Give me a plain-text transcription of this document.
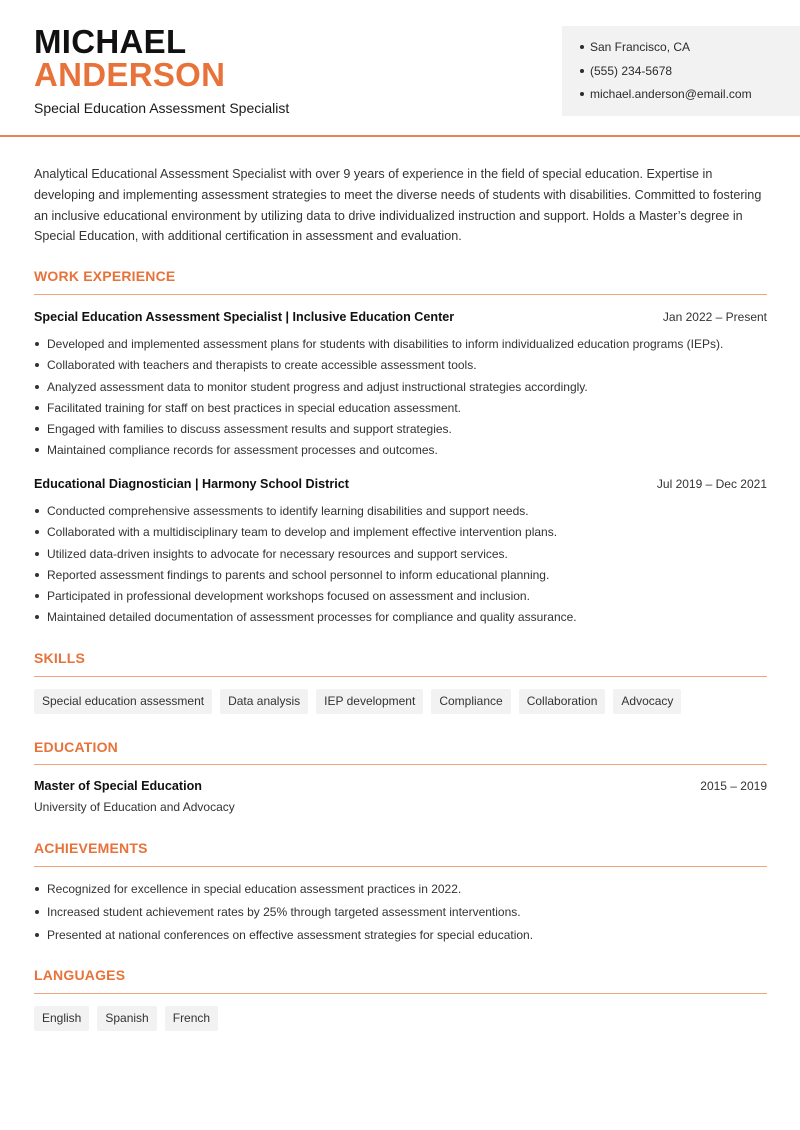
MICHAEL
ANDERSON
Special Education Assessment Specialist
San Francisco, CA
(555) 234-5678
michael.anderson@email.com

Analytical Educational Assessment Specialist with over 9 years of experience in the field of special education. Expertise in developing and implementing assessment strategies to meet the diverse needs of students with disabilities. Committed to fostering an inclusive educational environment by utilizing data to drive individualized instruction and support. Holds a Master’s degree in Special Education, with additional certification in assessment and evaluation.

WORK EXPERIENCE
Special Education Assessment Specialist | Inclusive Education Center	Jan 2022 – Present
Developed and implemented assessment plans for students with disabilities to inform individualized education programs (IEPs).
Collaborated with teachers and therapists to create accessible assessment tools.
Analyzed assessment data to monitor student progress and adjust instructional strategies accordingly.
Facilitated training for staff on best practices in special education assessment.
Engaged with families to discuss assessment results and support strategies.
Maintained compliance records for assessment processes and outcomes.
Educational Diagnostician | Harmony School District	Jul 2019 – Dec 2021
Conducted comprehensive assessments to identify learning disabilities and support needs.
Collaborated with a multidisciplinary team to develop and implement effective intervention plans.
Utilized data-driven insights to advocate for necessary resources and support services.
Reported assessment findings to parents and school personnel to inform educational planning.
Participated in professional development workshops focused on assessment and inclusion.
Maintained detailed documentation of assessment processes for compliance and quality assurance.
SKILLS
Special education assessment	Data analysis	IEP development	Compliance	Collaboration	Advocacy
EDUCATION
Master of Special Education	2015 – 2019
University of Education and Advocacy
ACHIEVEMENTS
Recognized for excellence in special education assessment practices in 2022.
Increased student achievement rates by 25% through targeted assessment interventions.
Presented at national conferences on effective assessment strategies for special education.
LANGUAGES
English	Spanish	French
